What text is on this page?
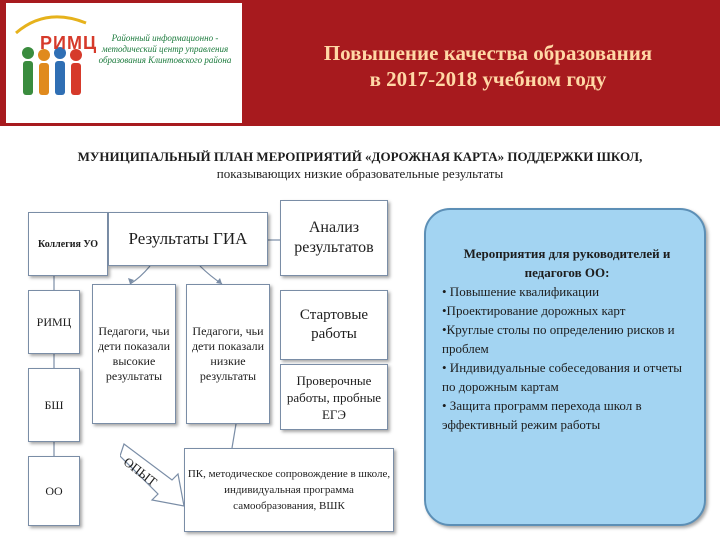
РИМЦ	Районный информационно - методический центр управления образования Клинтовского района	Повышение качества образования
в 2017-2018 учебном году
МУНИЦИПАЛЬНЫЙ ПЛАН МЕРОПРИЯТИЙ «ДОРОЖНАЯ КАРТА» ПОДДЕРЖКИ ШКОЛ,
показывающих низкие образовательные результаты
Коллегия УО
РИМЦ
БШ
ОО
Результаты ГИА
Анализ результатов
Педагоги, чьи дети показали высокие результаты
Педагоги, чьи дети показали низкие результаты
Стартовые работы
Проверочные работы, пробные ЕГЭ
ПК, методическое сопровождение в школе, индивидуальная программа самообразования, ВШК
ОПЫТ
Мероприятия для руководителей и педагогов ОО:
• Повышение квалификации
•Проектирование дорожных карт
•Круглые столы по определению рисков и проблем
• Индивидуальные собеседования и отчеты по дорожным картам
• Защита программ перехода школ в эффективный режим работы
